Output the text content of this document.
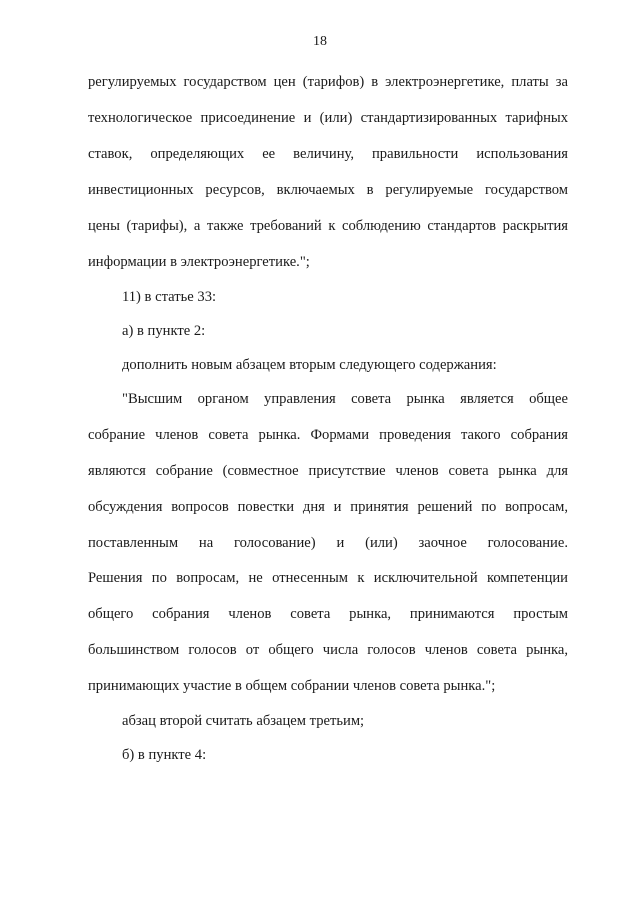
18
регулируемых государством цен (тарифов) в электроэнергетике, платы за
технологическое присоединение и (или) стандартизированных тарифных
ставок, определяющих ее величину, правильности использования
инвестиционных ресурсов, включаемых в регулируемые государством
цены (тарифы), а также требований к соблюдению стандартов раскрытия
информации в электроэнергетике.";
11) в статье 33:
а) в пункте 2:
дополнить новым абзацем вторым следующего содержания:
"Высшим органом управления совета рынка является общее
собрание членов совета рынка. Формами проведения такого собрания
являются собрание (совместное присутствие членов совета рынка для
обсуждения вопросов повестки дня и принятия решений по вопросам,
поставленным на голосование) и (или) заочное голосование.
Решения по вопросам, не отнесенным к исключительной компетенции
общего собрания членов совета рынка, принимаются простым
большинством голосов от общего числа голосов членов совета рынка,
принимающих участие в общем собрании членов совета рынка.";
абзац второй считать абзацем третьим;
б) в пункте 4:
